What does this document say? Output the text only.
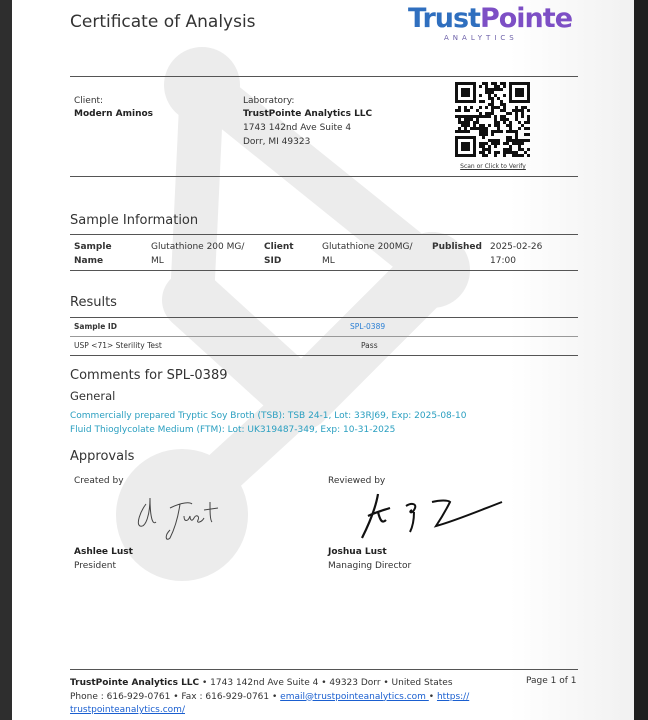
Certificate of Analysis	TrustPointe
ANALYTICS
Client:
Modern Aminos
Laboratory:
TrustPointe Analytics LLC
1743 142nd Ave Suite 4
Dorr, MI 49323
Scan or Click to Verify
Sample Information
Sample Name
Glutathione 200 MG/ ML
Client SID
Glutathione 200MG/ ML
Published 2025-02-26 17:00
Results
Sample ID	SPL-0389
USP <71> Sterility Test	Pass
Comments for SPL-0389
General
Commercially prepared Tryptic Soy Broth (TSB): TSB 24-1, Lot: 33RJ69, Exp: 2025-08-10
Fluid Thioglycolate Medium (FTM): Lot: UK319487-349, Exp: 10-31-2025
Approvals
Created by
Ashlee Lust
President
Reviewed by
Joshua Lust
Managing Director
TrustPointe Analytics LLC • 1743 142nd Ave Suite 4 • 49323 Dorr • United States
Phone : 616-929-0761 • Fax : 616-929-0761 • email@trustpointeanalytics.com • https://
trustpointeanalytics.com/
Page 1 of 1
